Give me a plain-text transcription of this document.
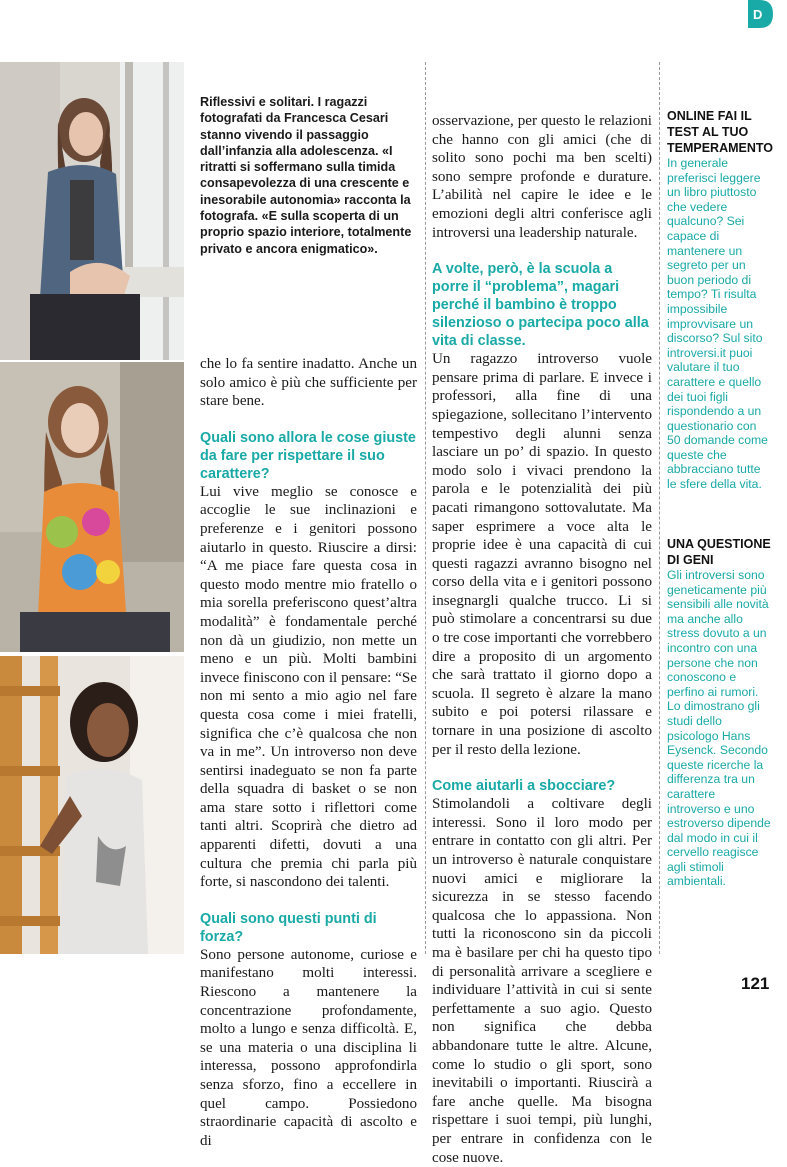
D
Riflessivi e solitari. I ragazzi fotografati da Francesca Cesari stanno vivendo il passaggio dall’infanzia alla adolescenza. «I ritratti si soffermano sulla timida consapevolezza di una crescente e inesorabile autonomia» racconta la fotografa. «E sulla scoperta di un proprio spazio interiore, totalmente privato e ancora enigmatico».

che lo fa sentire inadatto. Anche un solo amico è più che sufficiente per stare bene.

Quali sono allora le cose giuste da fare per rispettare il suo carattere?

Lui vive meglio se conosce e accoglie le sue inclinazioni e preferenze e i genitori possono aiutarlo in questo. Riuscire a dirsi: “A me piace fare questa cosa in questo modo mentre mio fratello o mia sorella preferiscono quest’altra modalità” è fondamentale perché non dà un giudizio, non mette un meno e un più. Molti bambini invece finiscono con il pensare: “Se non mi sento a mio agio nel fare questa cosa come i miei fratelli, significa che c’è qualcosa che non va in me”. Un introverso non deve sentirsi inadeguato se non fa parte della squadra di basket o se non ama stare sotto i riflettori come tanti altri. Scoprirà che dietro ad apparenti difetti, dovuti a una cultura che premia chi parla più forte, si nascondono dei talenti.

Quali sono questi punti di forza?

Sono persone autonome, curiose e manifestano molti interessi. Riescono a mantenere la concentrazione profondamente, molto a lungo e senza difficoltà. E, se una materia o una disciplina li interessa, possono approfondirla senza sforzo, fino a eccellere in quel campo. Possiedono straordinarie capacità di ascolto e di

osservazione, per questo le relazioni che hanno con gli amici (che di solito sono pochi ma ben scelti) sono sempre profonde e durature. L’abilità nel capire le idee e le emozioni degli altri conferisce agli introversi una leadership naturale.

A volte, però, è la scuola a porre il “problema”, magari perché il bambino è troppo silenzioso o partecipa poco alla vita di classe.

Un ragazzo introverso vuole pensare prima di parlare. E invece i professori, alla fine di una spiegazione, sollecitano l’intervento tempestivo degli alunni senza lasciare un po’ di spazio. In questo modo solo i vivaci prendono la parola e le potenzialità dei più pacati rimangono sottovalutate. Ma saper esprimere a voce alta le proprie idee è una capacità di cui questi ragazzi avranno bisogno nel corso della vita e i genitori possono insegnargli qualche trucco. Li si può stimolare a concentrarsi su due o tre cose importanti che vorrebbero dire a proposito di un argomento che sarà trattato il giorno dopo a scuola. Il segreto è alzare la mano subito e poi potersi rilassare e tornare in una posizione di ascolto per il resto della lezione.

Come aiutarli a sbocciare?

Stimolandoli a coltivare degli interessi. Sono il loro modo per entrare in contatto con gli altri. Per un introverso è naturale conquistare nuovi amici e migliorare la sicurezza in se stesso facendo qualcosa che lo appassiona. Non tutti la riconoscono sin da piccoli ma è basilare per chi ha questo tipo di personalità arrivare a scegliere e individuare l’attività in cui si sente perfettamente a suo agio. Questo non significa che debba abbandonare tutte le altre. Alcune, come lo studio o gli sport, sono inevitabili o importanti. Riuscirà a fare anche quelle. Ma bisogna rispettare i suoi tempi, più lunghi, per entrare in confidenza con le cose nuove.

ONLINE FAI IL TEST AL TUO TEMPERAMENTO

In generale preferisci leggere un libro piuttosto che vedere qualcuno? Sei capace di mantenere un segreto per un buon periodo di tempo? Ti risulta impossibile improvvisare un discorso? Sul sito introversi.it puoi valutare il tuo carattere e quello dei tuoi figli rispondendo a un questionario con 50 domande come queste che abbracciano tutte le sfere della vita.

UNA QUESTIONE DI GENI

Gli introversi sono geneticamente più sensibili alle novità ma anche allo stress dovuto a un incontro con una persone che non conoscono e perfino ai rumori. Lo dimostrano gli studi dello psicologo Hans Eysenck. Secondo queste ricerche la differenza tra un carattere introverso e uno estroverso dipende dal modo in cui il cervello reagisce agli stimoli ambientali.

121
